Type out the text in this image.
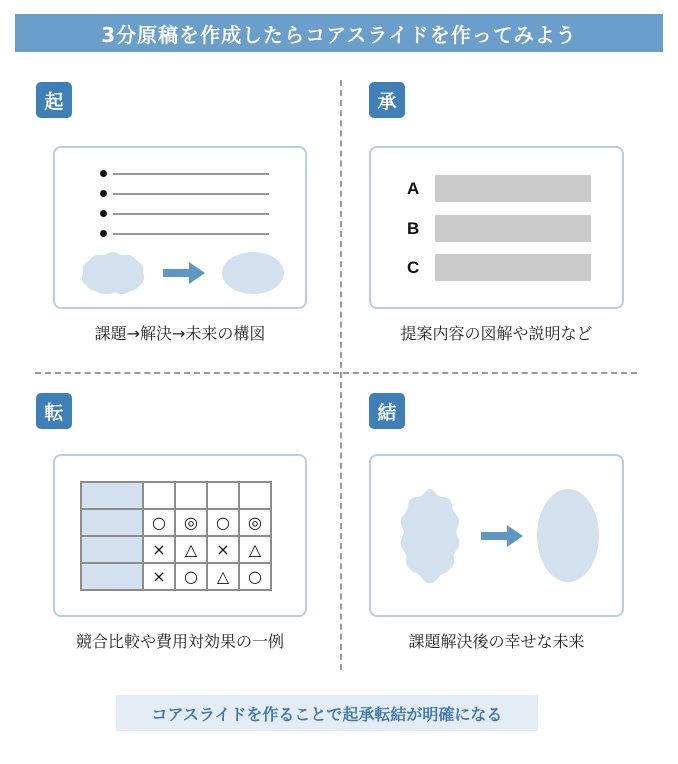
3分原稿を作成したらコアスライドを作ってみよう
起
課題→解決→未来の構図
承
A
B
C
提案内容の図解や説明など
転

	○	◎	○	◎
	×	△	×	△
	×	○	△	○
競合比較や費用対効果の一例
結
課題解決後の幸せな未来
コアスライドを作ることで起承転結が明確になる
